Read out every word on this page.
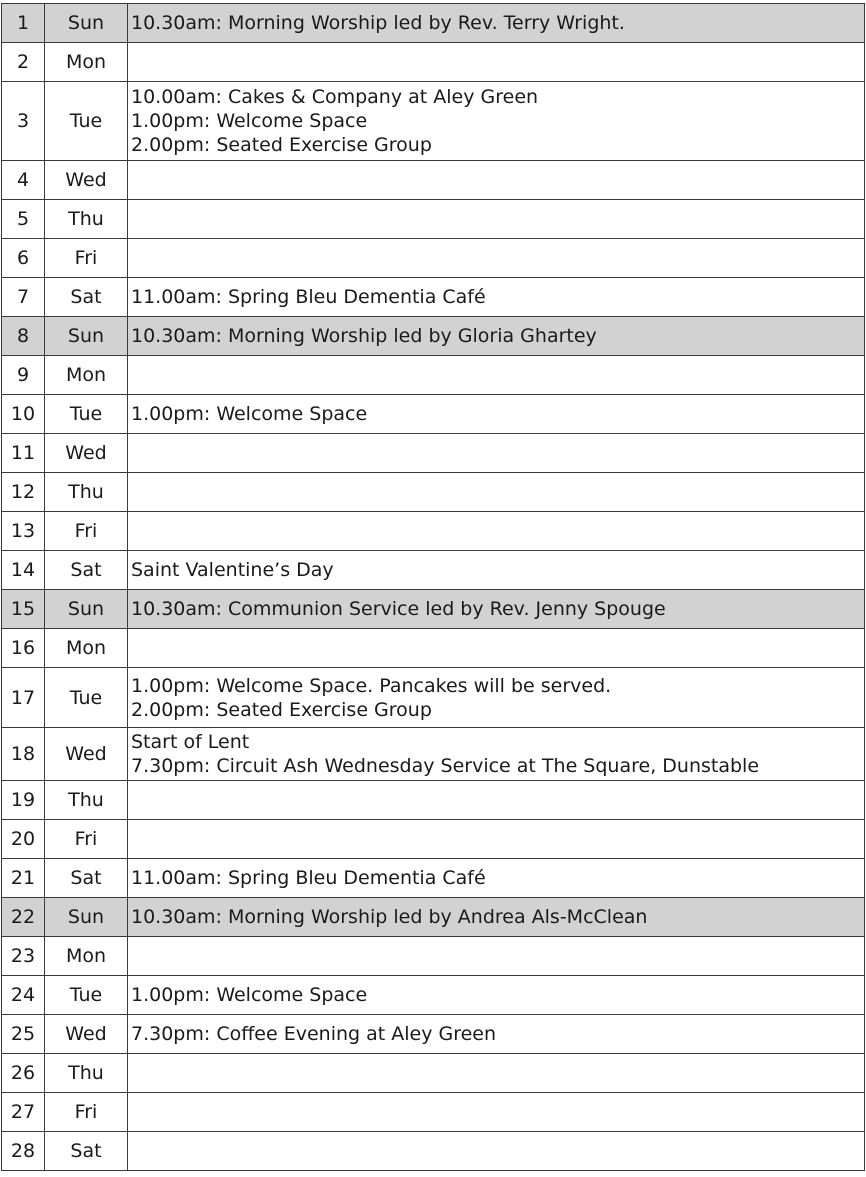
1	Sun	10.30am: Morning Worship led by Rev. Terry Wright.

2	Mon	
3	Tue	10.00am: Cakes & Company at Aley Green
1.00pm: Welcome Space
2.00pm: Seated Exercise Group

4	Wed	
5	Thu	
6	Fri	
7	Sat	11.00am: Spring Bleu Dementia Café

8	Sun	10.30am: Morning Worship led by Gloria Ghartey

9	Mon	
10	Tue	1.00pm: Welcome Space

11	Wed	
12	Thu	
13	Fri	
14	Sat	Saint Valentine’s Day

15	Sun	10.30am: Communion Service led by Rev. Jenny Spouge

16	Mon	
17	Tue	1.00pm: Welcome Space. Pancakes will be served.
2.00pm: Seated Exercise Group

18	Wed	Start of Lent
7.30pm: Circuit Ash Wednesday Service at The Square, Dunstable

19	Thu	
20	Fri	
21	Sat	11.00am: Spring Bleu Dementia Café

22	Sun	10.30am: Morning Worship led by Andrea Als-McClean

23	Mon	
24	Tue	1.00pm: Welcome Space

25	Wed	7.30pm: Coffee Evening at Aley Green

26	Thu	
27	Fri	
28	Sat	
